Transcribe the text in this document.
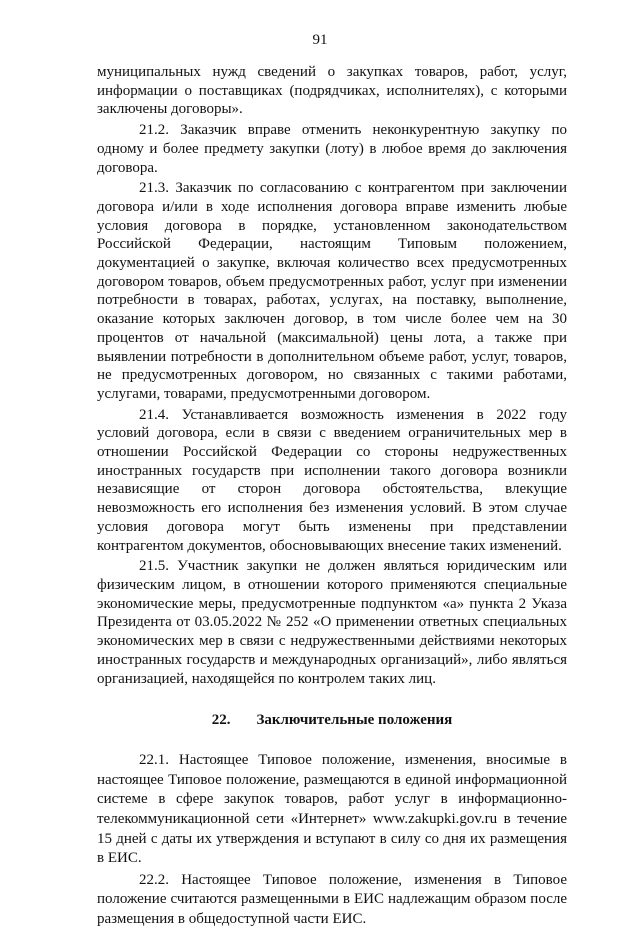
91

муниципальных нужд сведений о закупках товаров, работ, услуг, информации о поставщиках (подрядчиках, исполнителях), с которыми заключены договоры».

21.2. Заказчик вправе отменить неконкурентную закупку по одному и более предмету закупки (лоту) в любое время до заключения договора.

21.3. Заказчик по согласованию с контрагентом при заключении договора и/или в ходе исполнения договора вправе изменить любые условия договора в порядке, установленном законодательством Российской Федерации, настоящим Типовым положением, документацией о закупке, включая количество всех предусмотренных договором товаров, объем предусмотренных работ, услуг при изменении потребности в товарах, работах, услугах, на поставку, выполнение, оказание которых заключен договор, в том числе более чем на 30 процентов от начальной (максимальной) цены лота, а также при выявлении потребности в дополнительном объеме работ, услуг, товаров, не предусмотренных договором, но связанных с такими работами, услугами, товарами, предусмотренными договором.

21.4. Устанавливается возможность изменения в 2022 году условий договора, если в связи с введением ограничительных мер в отношении Российской Федерации со стороны недружественных иностранных государств при исполнении такого договора возникли независящие от сторон договора обстоятельства, влекущие невозможность его исполнения без изменения условий. В этом случае условия договора могут быть изменены при представлении контрагентом документов, обосновывающих внесение таких изменений.

21.5. Участник закупки не должен являться юридическим или физическим лицом, в отношении которого применяются специальные экономические меры, предусмотренные подпунктом «а» пункта 2 Указа Президента от 03.05.2022 № 252 «О применении ответных специальных экономических мер в связи с недружественными действиями некоторых иностранных государств и международных организаций», либо являться организацией, находящейся по контролем таких лиц.

22. Заключительные положения

22.1. Настоящее Типовое положение, изменения, вносимые в настоящее Типовое положение, размещаются в единой информационной системе в сфере закупок товаров, работ услуг в информационно-телекоммуникационной сети «Интернет» www.zakupki.gov.ru в течение 15 дней с даты их утверждения и вступают в силу со дня их размещения в ЕИС.

22.2. Настоящее Типовое положение, изменения в Типовое положение считаются размещенными в ЕИС надлежащим образом после размещения в общедоступной части ЕИС.
